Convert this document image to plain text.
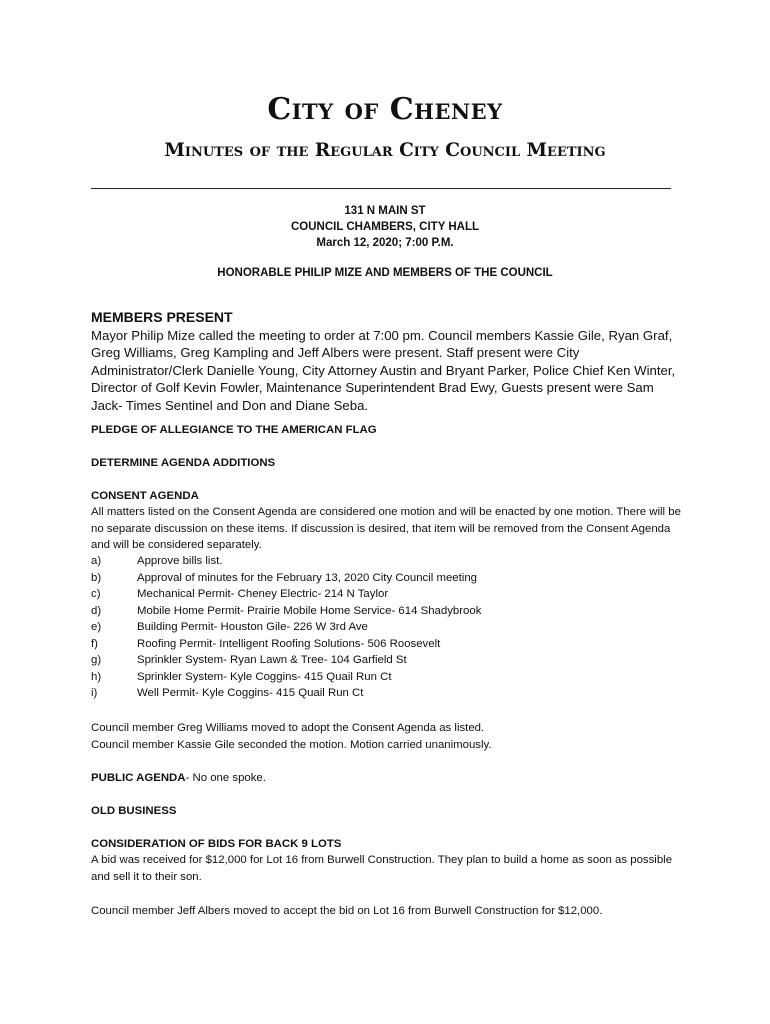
City of Cheney
Minutes of the Regular City Council Meeting
131 N MAIN ST
COUNCIL CHAMBERS, CITY HALL
March 12, 2020; 7:00 P.M.
HONORABLE PHILIP MIZE AND MEMBERS OF THE COUNCIL
MEMBERS PRESENT

Mayor Philip Mize called the meeting to order at 7:00 pm. Council members Kassie Gile, Ryan Graf, Greg Williams, Greg Kampling and Jeff Albers were present. Staff present were City Administrator/Clerk Danielle Young, City Attorney Austin and Bryant Parker, Police Chief Ken Winter, Director of Golf Kevin Fowler, Maintenance Superintendent Brad Ewy, Guests present were Sam Jack- Times Sentinel and Don and Diane Seba.

PLEDGE OF ALLEGIANCE TO THE AMERICAN FLAG
DETERMINE AGENDA ADDITIONS
CONSENT AGENDA

All matters listed on the Consent Agenda are considered one motion and will be enacted by one motion. There will be no separate discussion on these items. If discussion is desired, that item will be removed from the Consent Agenda and will be considered separately.

a)	Approve bills list.
b)	Approval of minutes for the February 13, 2020 City Council meeting
c)	Mechanical Permit- Cheney Electric- 214 N Taylor
d)	Mobile Home Permit- Prairie Mobile Home Service- 614 Shadybrook
e)	Building Permit- Houston Gile- 226 W 3rd Ave
f)	Roofing Permit- Intelligent Roofing Solutions- 506 Roosevelt
g)	Sprinkler System- Ryan Lawn & Tree- 104 Garfield St
h)	Sprinkler System- Kyle Coggins- 415 Quail Run Ct
i)	Well Permit- Kyle Coggins- 415 Quail Run Ct
Council member Greg Williams moved to adopt the Consent Agenda as listed.
Council member Kassie Gile seconded the motion. Motion carried unanimously.
PUBLIC AGENDA- No one spoke.
OLD BUSINESS
CONSIDERATION OF BIDS FOR BACK 9 LOTS

A bid was received for $12,000 for Lot 16 from Burwell Construction. They plan to build a home as soon as possible and sell it to their son.

Council member Jeff Albers moved to accept the bid on Lot 16 from Burwell Construction for $12,000.
